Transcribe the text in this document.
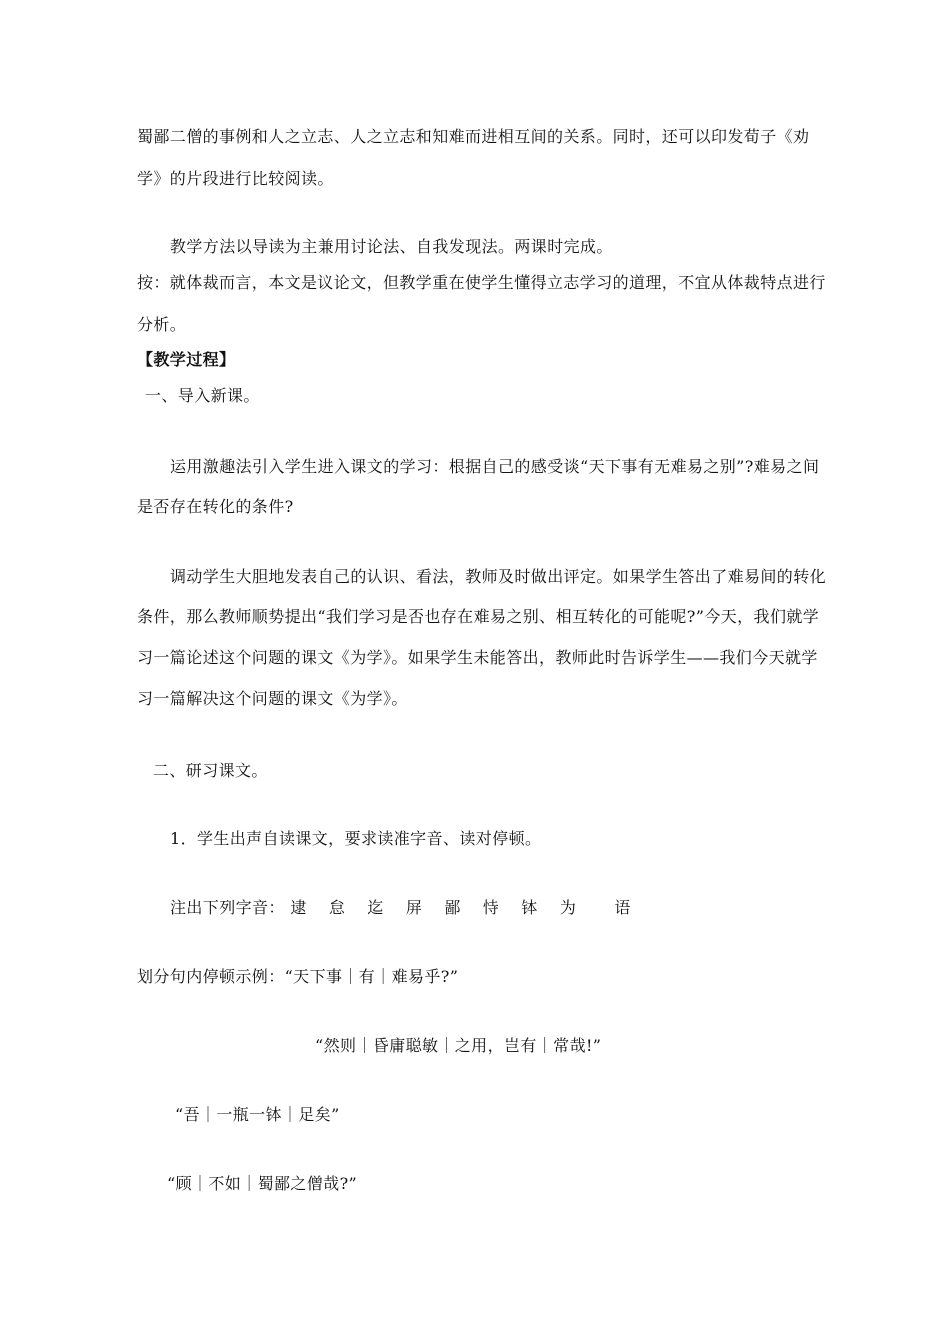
蜀鄙二僧的事例和人之立志、人之立志和知难而进相互间的关系。同时，还可以印发荀子《劝
学》的片段进行比较阅读。
教学方法以导读为主兼用讨论法、自我发现法。两课时完成。
按：就体裁而言，本文是议论文，但教学重在使学生懂得立志学习的道理，不宜从体裁特点进行
分析。
【教学过程】
一、导入新课。
运用激趣法引入学生进入课文的学习：根据自己的感受谈“天下事有无难易之别”?难易之间
是否存在转化的条件?
调动学生大胆地发表自己的认识、看法，教师及时做出评定。如果学生答出了难易间的转化
条件，那么教师顺势提出“我们学习是否也存在难易之别、相互转化的可能呢?”今天，我们就学
习一篇论述这个问题的课文《为学》。如果学生未能答出，教师此时告诉学生——我们今天就学
习一篇解决这个问题的课文《为学》。
二、研习课文。
1．学生出声自读课文，要求读准字音、读对停顿。
注出下列字音： 逮 怠 迄 屏 鄙 恃 钵 为 语
划分句内停顿示例：“天下事｜有｜难易乎?”
“然则｜昏庸聪敏｜之用，岂有｜常哉!”
“吾｜一瓶一钵｜足矣”
“顾｜不如｜蜀鄙之僧哉?”
